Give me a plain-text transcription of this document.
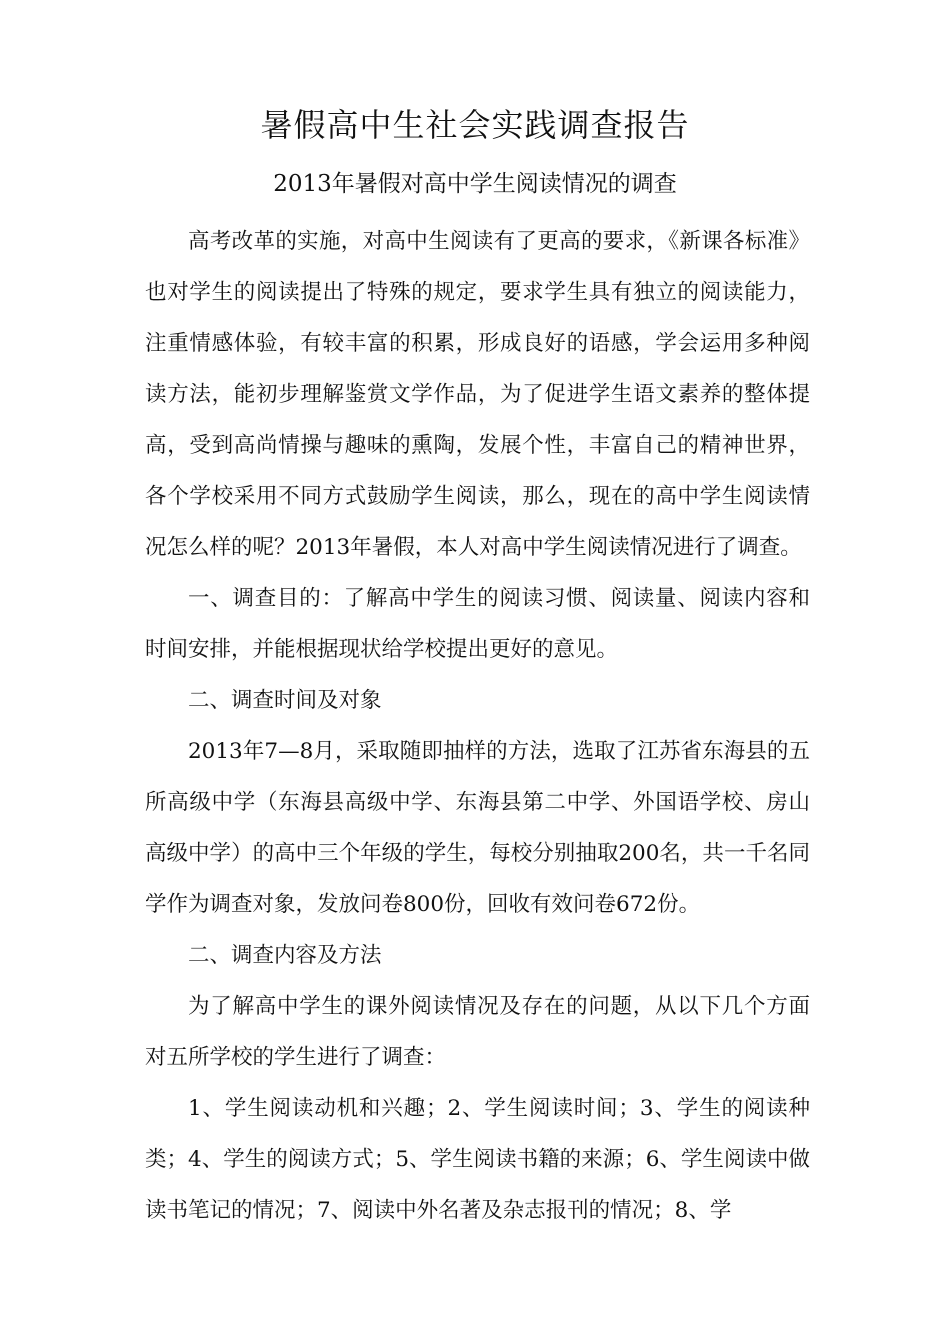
暑假高中生社会实践调查报告
2013年暑假对高中学生阅读情况的调查

高考改革的实施，对高中生阅读有了更高的要求，《新课各标准》也对学生的阅读提出了特殊的规定，要求学生具有独立的阅读能力，注重情感体验，有较丰富的积累，形成良好的语感，学会运用多种阅读方法，能初步理解鉴赏文学作品，为了促进学生语文素养的整体提高，受到高尚情操与趣味的熏陶，发展个性，丰富自己的精神世界，各个学校采用不同方式鼓励学生阅读，那么，现在的高中学生阅读情况怎么样的呢？2013年暑假，本人对高中学生阅读情况进行了调查。

一、调查目的：了解高中学生的阅读习惯、阅读量、阅读内容和时间安排，并能根据现状给学校提出更好的意见。

二、调查时间及对象

2013年7—8月，采取随即抽样的方法，选取了江苏省东海县的五所高级中学（东海县高级中学、东海县第二中学、外国语学校、房山高级中学）的高中三个年级的学生，每校分别抽取200名，共一千名同学作为调查对象，发放问卷800份，回收有效问卷672份。

二、调查内容及方法

为了解高中学生的课外阅读情况及存在的问题，从以下几个方面对五所学校的学生进行了调查：

1、学生阅读动机和兴趣；2、学生阅读时间；3、学生的阅读种类；4、学生的阅读方式；5、学生阅读书籍的来源；6、学生阅读中做读书笔记的情况；7、阅读中外名著及杂志报刊的情况；8、学
